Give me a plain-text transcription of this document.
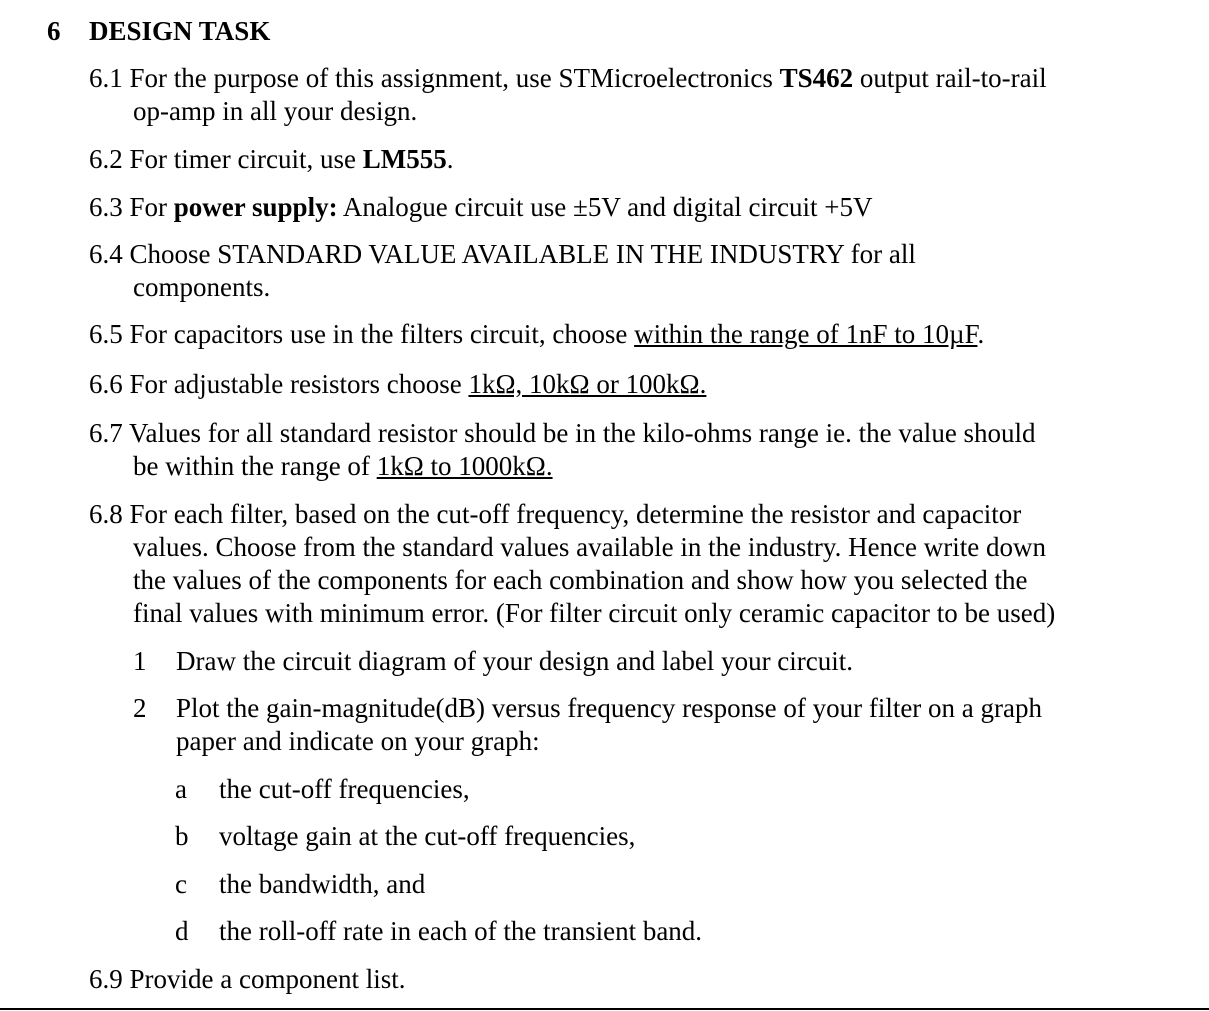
6 DESIGN TASK
6.1 For the purpose of this assignment, use STMicroelectronics TS462 output rail-to-rail
op-amp in all your design.
6.2 For timer circuit, use LM555.
6.3 For power supply: Analogue circuit use ±5V and digital circuit +5V
6.4 Choose STANDARD VALUE AVAILABLE IN THE INDUSTRY for all
components.
6.5 For capacitors use in the filters circuit, choose within the range of 1nF to 10µF.
6.6 For adjustable resistors choose 1kΩ, 10kΩ or 100kΩ.
6.7 Values for all standard resistor should be in the kilo-ohms range ie. the value should
be within the range of 1kΩ to 1000kΩ.
6.8 For each filter, based on the cut-off frequency, determine the resistor and capacitor
values. Choose from the standard values available in the industry. Hence write down
the values of the components for each combination and show how you selected the
final values with minimum error. (For filter circuit only ceramic capacitor to be used)
1 Draw the circuit diagram of your design and label your circuit.
2 Plot the gain-magnitude(dB) versus frequency response of your filter on a graph
paper and indicate on your graph:
a the cut-off frequencies,
b voltage gain at the cut-off frequencies,
c the bandwidth, and
d the roll-off rate in each of the transient band.
6.9 Provide a component list.
